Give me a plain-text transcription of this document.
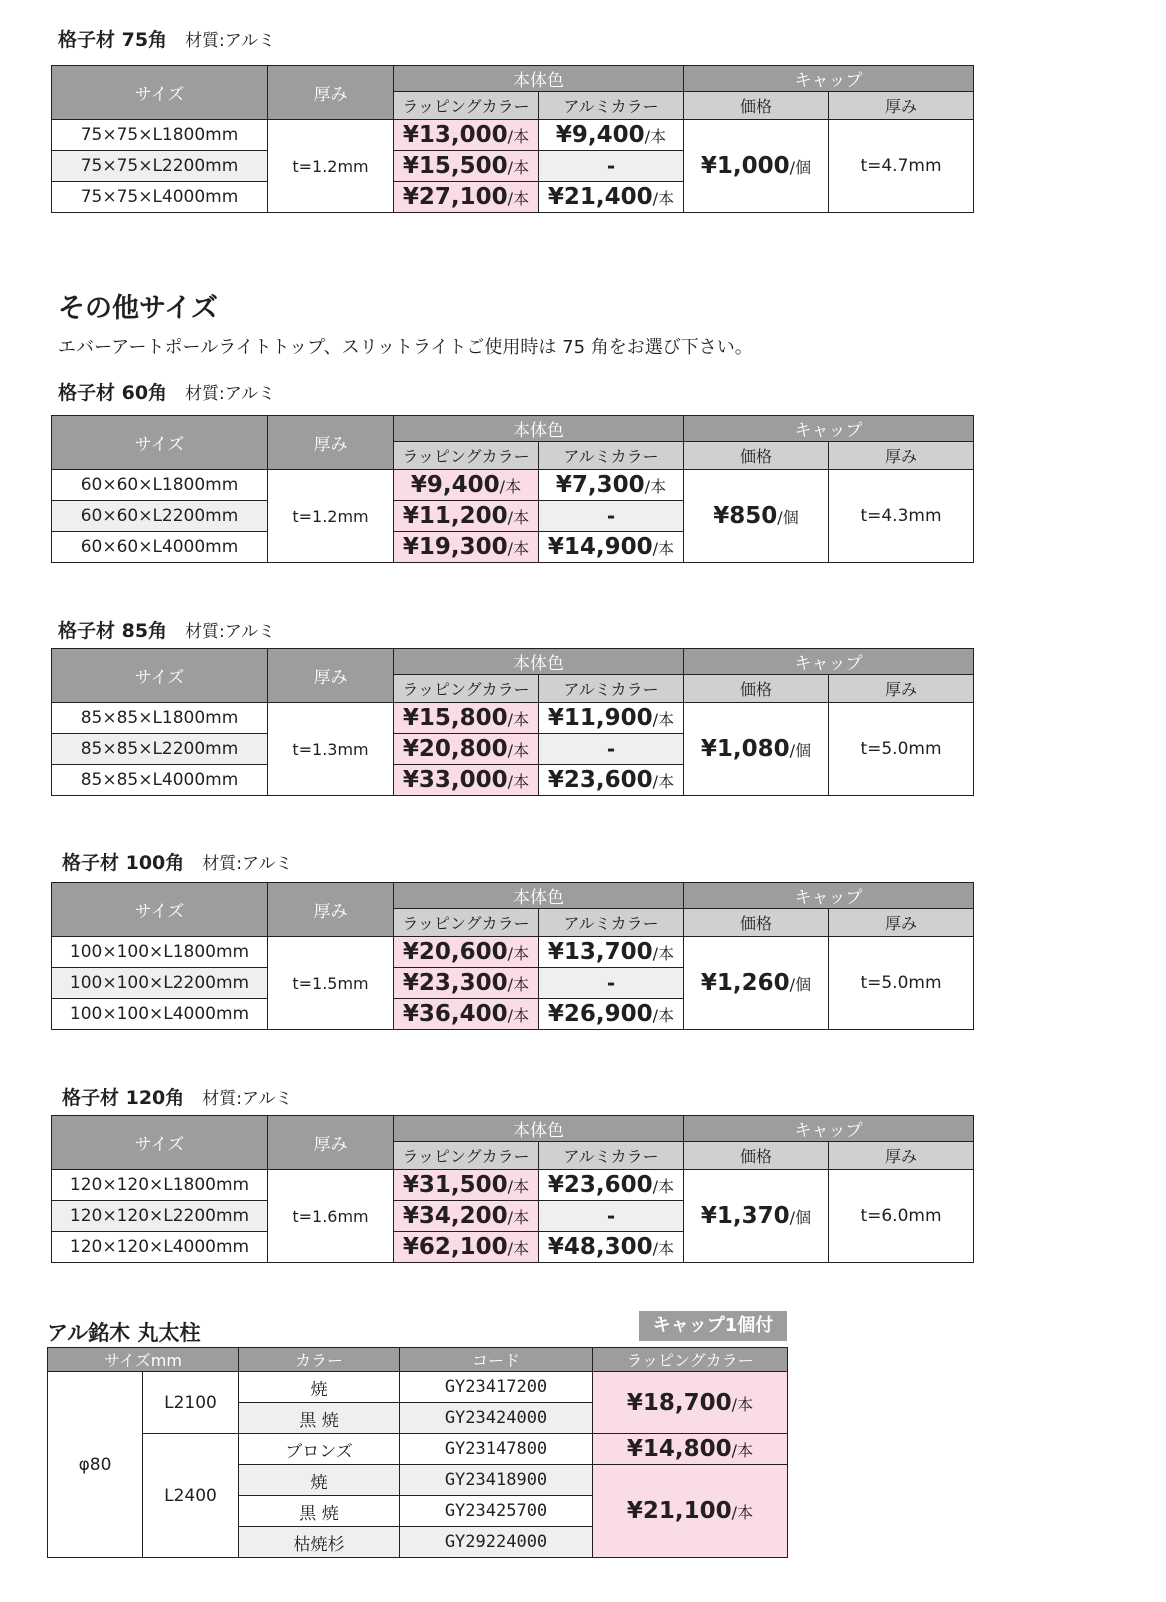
格子材 75角 材質:アルミ
サイズ	厚み	本体色		キャップ	
		ラッピングカラー	アルミカラー	価格	厚み
75×75×L1800mm	t=1.2mm	¥13,000/本	¥9,400/本	¥1,000/個	t=4.7mm
75×75×L2200mm		¥15,500/本	-		
75×75×L4000mm		¥27,100/本	¥21,400/本		
格子材 60角 材質:アルミ
サイズ	厚み	本体色		キャップ	
		ラッピングカラー	アルミカラー	価格	厚み
60×60×L1800mm	t=1.2mm	¥9,400/本	¥7,300/本	¥850/個	t=4.3mm
60×60×L2200mm		¥11,200/本	-		
60×60×L4000mm		¥19,300/本	¥14,900/本		
格子材 85角 材質:アルミ
サイズ	厚み	本体色		キャップ	
		ラッピングカラー	アルミカラー	価格	厚み
85×85×L1800mm	t=1.3mm	¥15,800/本	¥11,900/本	¥1,080/個	t=5.0mm
85×85×L2200mm		¥20,800/本	-		
85×85×L4000mm		¥33,000/本	¥23,600/本		
格子材 100角 材質:アルミ
サイズ	厚み	本体色		キャップ	
		ラッピングカラー	アルミカラー	価格	厚み
100×100×L1800mm	t=1.5mm	¥20,600/本	¥13,700/本	¥1,260/個	t=5.0mm
100×100×L2200mm		¥23,300/本	-		
100×100×L4000mm		¥36,400/本	¥26,900/本		
格子材 120角 材質:アルミ
サイズ	厚み	本体色		キャップ	
		ラッピングカラー	アルミカラー	価格	厚み
120×120×L1800mm	t=1.6mm	¥31,500/本	¥23,600/本	¥1,370/個	t=6.0mm
120×120×L2200mm		¥34,200/本	-		
120×120×L4000mm		¥62,100/本	¥48,300/本		
その他サイズ
エバーアートポールライトトップ、スリットライトご使用時は 75 角をお選び下さい。
アル銘木 丸太柱	キャップ1個付
サイズmm		カラー	コード	ラッピングカラー
φ80	L2100	焼	GY23417200	¥18,700/本
		黒 焼	GY23424000	
	L2400	ブロンズ	GY23147800	¥14,800/本
		焼	GY23418900	¥21,100/本
		黒 焼	GY23425700	
		枯焼杉	GY29224000	
